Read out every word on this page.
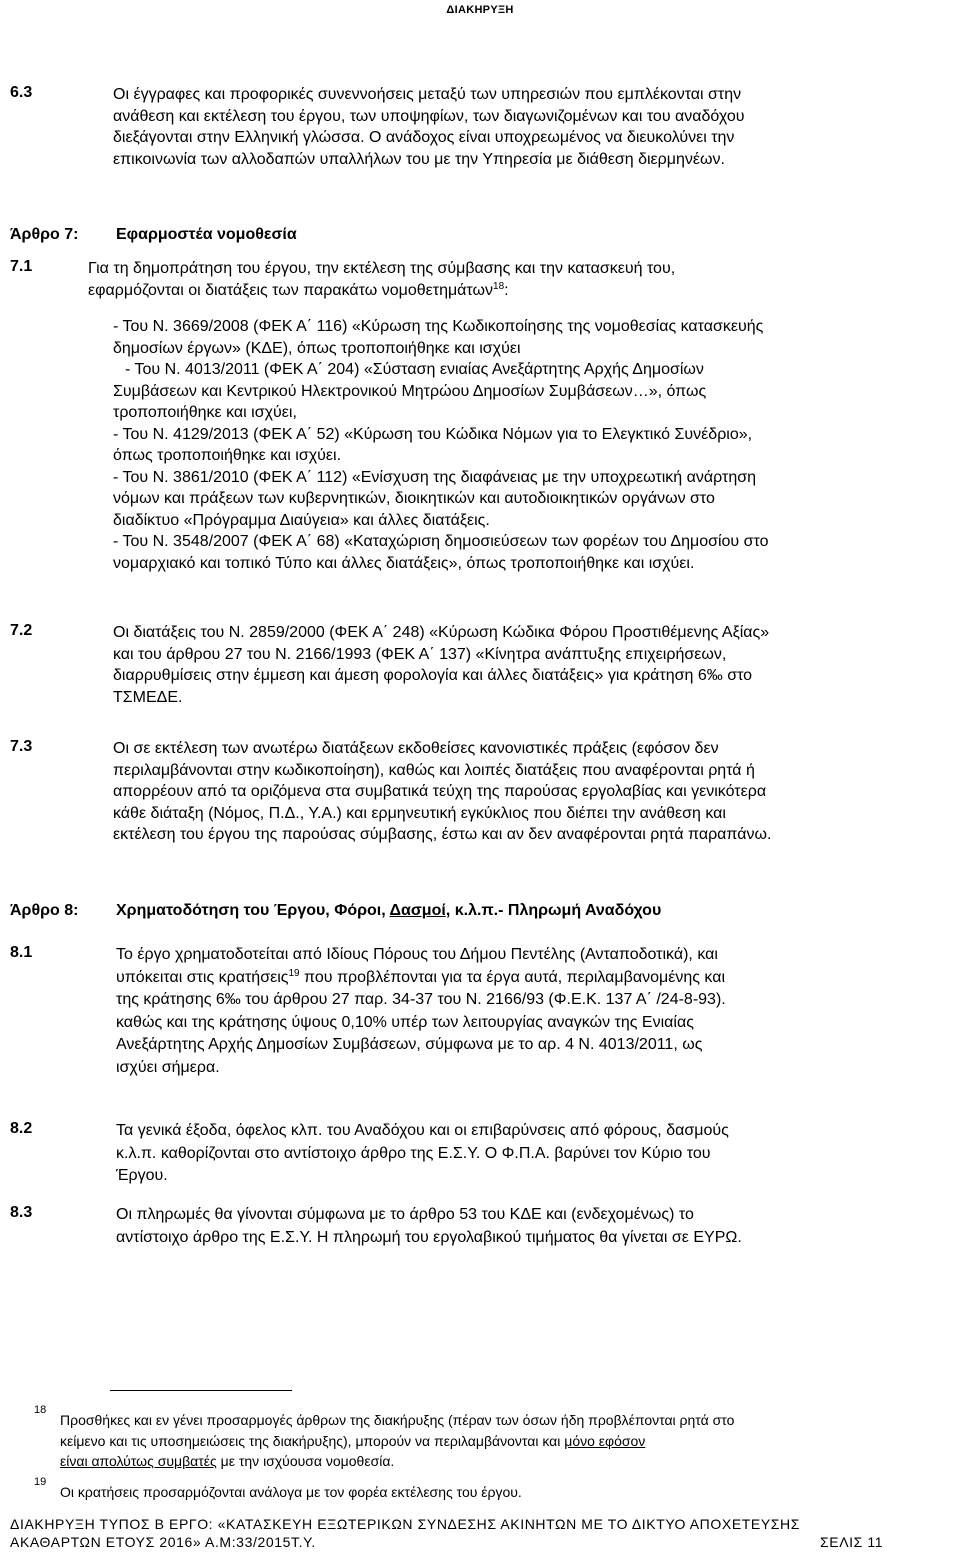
ΔΙΑΚΗΡΥΞΗ
6.3	Οι έγγραφες και προφορικές συνεννοήσεις μεταξύ των υπηρεσιών που εμπλέκονται στην
ανάθεση και εκτέλεση του έργου, των υποψηφίων, των διαγωνιζομένων και του αναδόχου
διεξάγονται στην Ελληνική γλώσσα. Ο ανάδοχος είναι υποχρεωμένος να διευκολύνει την
επικοινωνία των αλλοδαπών υπαλλήλων του με την Υπηρεσία με διάθεση διερμηνέων.
Άρθρο 7: Εφαρμοστέα νομοθεσία
7.1	Για τη δημοπράτηση του έργου, την εκτέλεση της σύμβασης και την κατασκευή του,
εφαρμόζονται οι διατάξεις των παρακάτω νομοθετημάτων$^{18}$:
- Του Ν. 3669/2008 (ΦΕΚ Α΄ 116) «Κύρωση της Κωδικοποίησης της νομοθεσίας κατασκευής
δημοσίων έργων» (ΚΔΕ), όπως τροποποιήθηκε και ισχύει
- Του Ν. 4013/2011 (ΦΕΚ Α΄ 204) «Σύσταση ενιαίας Ανεξάρτητης Αρχής Δημοσίων
Συμβάσεων και Κεντρικού Ηλεκτρονικού Μητρώου Δημοσίων Συμβάσεων…», όπως
τροποποιήθηκε και ισχύει,
- Του Ν. 4129/2013 (ΦΕΚ Α΄ 52) «Κύρωση του Κώδικα Νόμων για το Ελεγκτικό Συνέδριο»,
όπως τροποποιήθηκε και ισχύει.
- Του Ν. 3861/2010 (ΦΕΚ Α΄ 112) «Ενίσχυση της διαφάνειας με την υποχρεωτική ανάρτηση
νόμων και πράξεων των κυβερνητικών, διοικητικών και αυτοδιοικητικών οργάνων στο
διαδίκτυο «Πρόγραμμα Διαύγεια» και άλλες διατάξεις.
- Του Ν. 3548/2007 (ΦΕΚ Α΄ 68) «Καταχώριση δημοσιεύσεων των φορέων του Δημοσίου στο
νομαρχιακό και τοπικό Τύπο και άλλες διατάξεις», όπως τροποποιήθηκε και ισχύει.
7.2	Οι διατάξεις του Ν. 2859/2000 (ΦΕΚ Α΄ 248) «Κύρωση Κώδικα Φόρου Προστιθέμενης Αξίας»
και του άρθρου 27 του Ν. 2166/1993 (ΦΕΚ Α΄ 137) «Κίνητρα ανάπτυξης επιχειρήσεων,
διαρρυθμίσεις στην έμμεση και άμεση φορολογία και άλλες διατάξεις» για κράτηση 6‰ στο
ΤΣΜΕΔΕ.
7.3	Οι σε εκτέλεση των ανωτέρω διατάξεων εκδοθείσες κανονιστικές πράξεις (εφόσον δεν
περιλαμβάνονται στην κωδικοποίηση), καθώς και λοιπές διατάξεις που αναφέρονται ρητά ή
απορρέουν από τα οριζόμενα στα συμβατικά τεύχη της παρούσας εργολαβίας και γενικότερα
κάθε διάταξη (Νόμος, Π.Δ., Υ.Α.) και ερμηνευτική εγκύκλιος που διέπει την ανάθεση και
εκτέλεση του έργου της παρούσας σύμβασης, έστω και αν δεν αναφέρονται ρητά παραπάνω.
Άρθρο 8: Χρηματοδότηση του Έργου, Φόροι, Δασμοί, κ.λ.π.- Πληρωμή Αναδόχου
8.1	Το έργο χρηματοδοτείται από Ιδίους Πόρους του Δήμου Πεντέλης (Ανταποδοτικά), και
υπόκειται στις κρατήσεις$^{19}$ που προβλέπονται για τα έργα αυτά, περιλαμβανομένης και
της κράτησης 6‰ του άρθρου 27 παρ. 34-37 του Ν. 2166/93 (Φ.Ε.Κ. 137 Α΄ /24-8-93).
καθώς και της κράτησης ύψους 0,10% υπέρ των λειτουργίας αναγκών της Ενιαίας
Ανεξάρτητης Αρχής Δημοσίων Συμβάσεων, σύμφωνα με το αρ. 4 Ν. 4013/2011, ως
ισχύει σήμερα.
8.2	Τα γενικά έξοδα, όφελος κλπ. του Αναδόχου και οι επιβαρύνσεις από φόρους, δασμούς
κ.λ.π. καθορίζονται στο αντίστοιχο άρθρο της Ε.Σ.Υ. Ο Φ.Π.Α. βαρύνει τον Κύριο του
Έργου.
8.3	Οι πληρωμές θα γίνονται σύμφωνα με το άρθρο 53 του ΚΔΕ και (ενδεχομένως) το
αντίστοιχο άρθρο της Ε.Σ.Υ. Η πληρωμή του εργολαβικού τιμήματος θα γίνεται σε ΕΥΡΩ.
18
Προσθήκες και εν γένει προσαρμογές άρθρων της διακήρυξης (πέραν των όσων ήδη προβλέπονται ρητά στο
κείμενο και τις υποσημειώσεις της διακήρυξης), μπορούν να περιλαμβάνονται και μόνο εφόσον
είναι απολύτως συμβατές με την ισχύουσα νομοθεσία.
19
Οι κρατήσεις προσαρμόζονται ανάλογα με τον φορέα εκτέλεσης του έργου.
ΔΙΑΚΗΡΥΞΗ ΤΥΠΟΣ Β ΕΡΓΟ: «ΚΑΤΑΣΚΕΥΗ ΕΞΩΤΕΡΙΚΩΝ ΣΥΝΔΕΣΗΣ ΑΚΙΝΗΤΩΝ ΜΕ ΤΟ ΔΙΚΤΥΟ ΑΠΟΧΕΤΕΥΣΗΣ
ΑΚΑΘΑΡΤΩΝ ΕΤΟΥΣ 2016» Α.Μ:33/2015Τ.Υ.	ΣΕΛΙΣ 11
